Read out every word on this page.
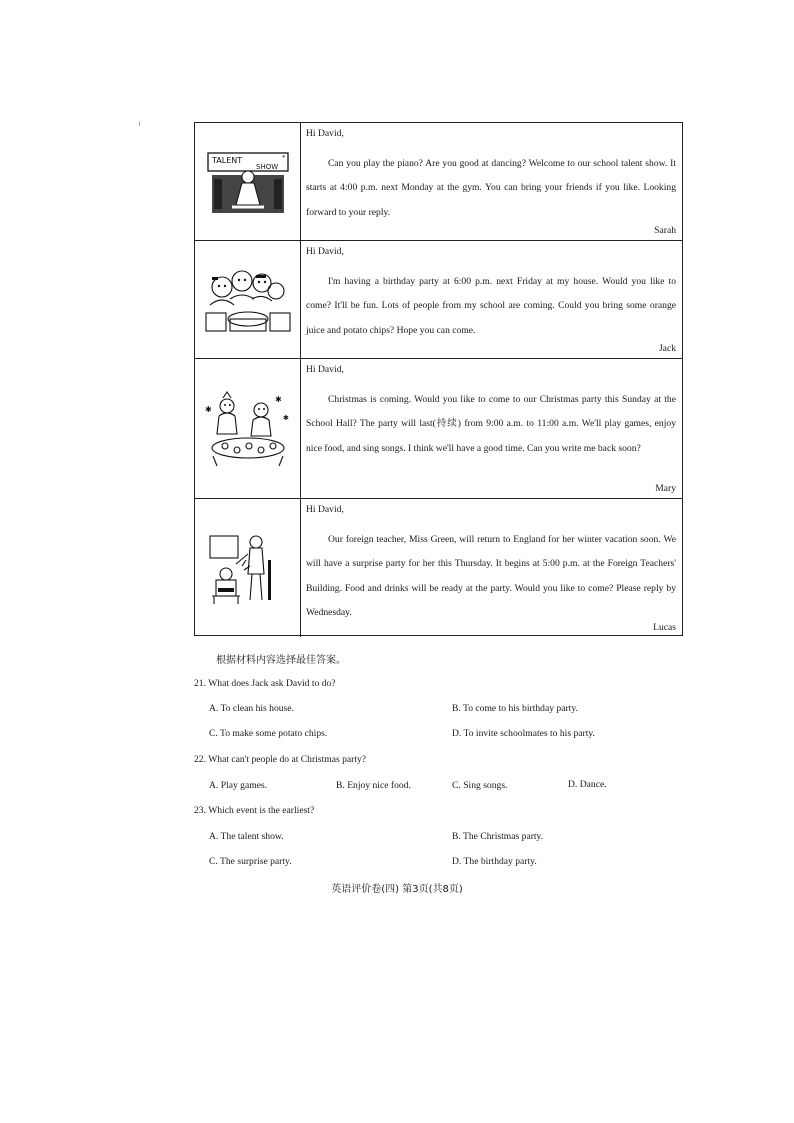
TALENT
SHOW
*
Hi David,
Can you play the piano? Are you good at dancing? Welcome to our school talent show. It starts at 4:00 p.m. next Monday at the gym. You can bring your friends if you like. Looking forward to your reply.
Sarah
Hi David,
I'm having a birthday party at 6:00 p.m. next Friday at my house. Would you like to come? It'll be fun. Lots of people from my school are coming. Could you bring some orange juice and potato chips? Hope you can come.
Jack
✱
✱
✱
Hi David,
Christmas is coming. Would you like to come to our Christmas party this Sunday at the School Hall? The party will last(持续) from 9:00 a.m. to 11:00 a.m. We'll play games, enjoy nice food, and sing songs. I think we'll have a good time. Can you write me back soon?
Mary
Hi David,
Our foreign teacher, Miss Green, will return to England for her winter vacation soon. We will have a surprise party for her this Thursday. It begins at 5:00 p.m. at the Foreign Teachers' Building. Food and drinks will be ready at the party. Would you like to come? Please reply by Wednesday.
Lucas
根据材料内容选择最佳答案。
21. What does Jack ask David to do?
A. To clean his house.	B. To come to his birthday party.
C. To make some potato chips.	D. To invite schoolmates to his party.
22. What can't people do at Christmas party?
A. Play games.	B. Enjoy nice food.	C. Sing songs.	D. Dance.
23. Which event is the earliest?
A. The talent show.	B. The Christmas party.
C. The surprise party.	D. The birthday party.
英语评价卷(四) 第3页(共8页)
